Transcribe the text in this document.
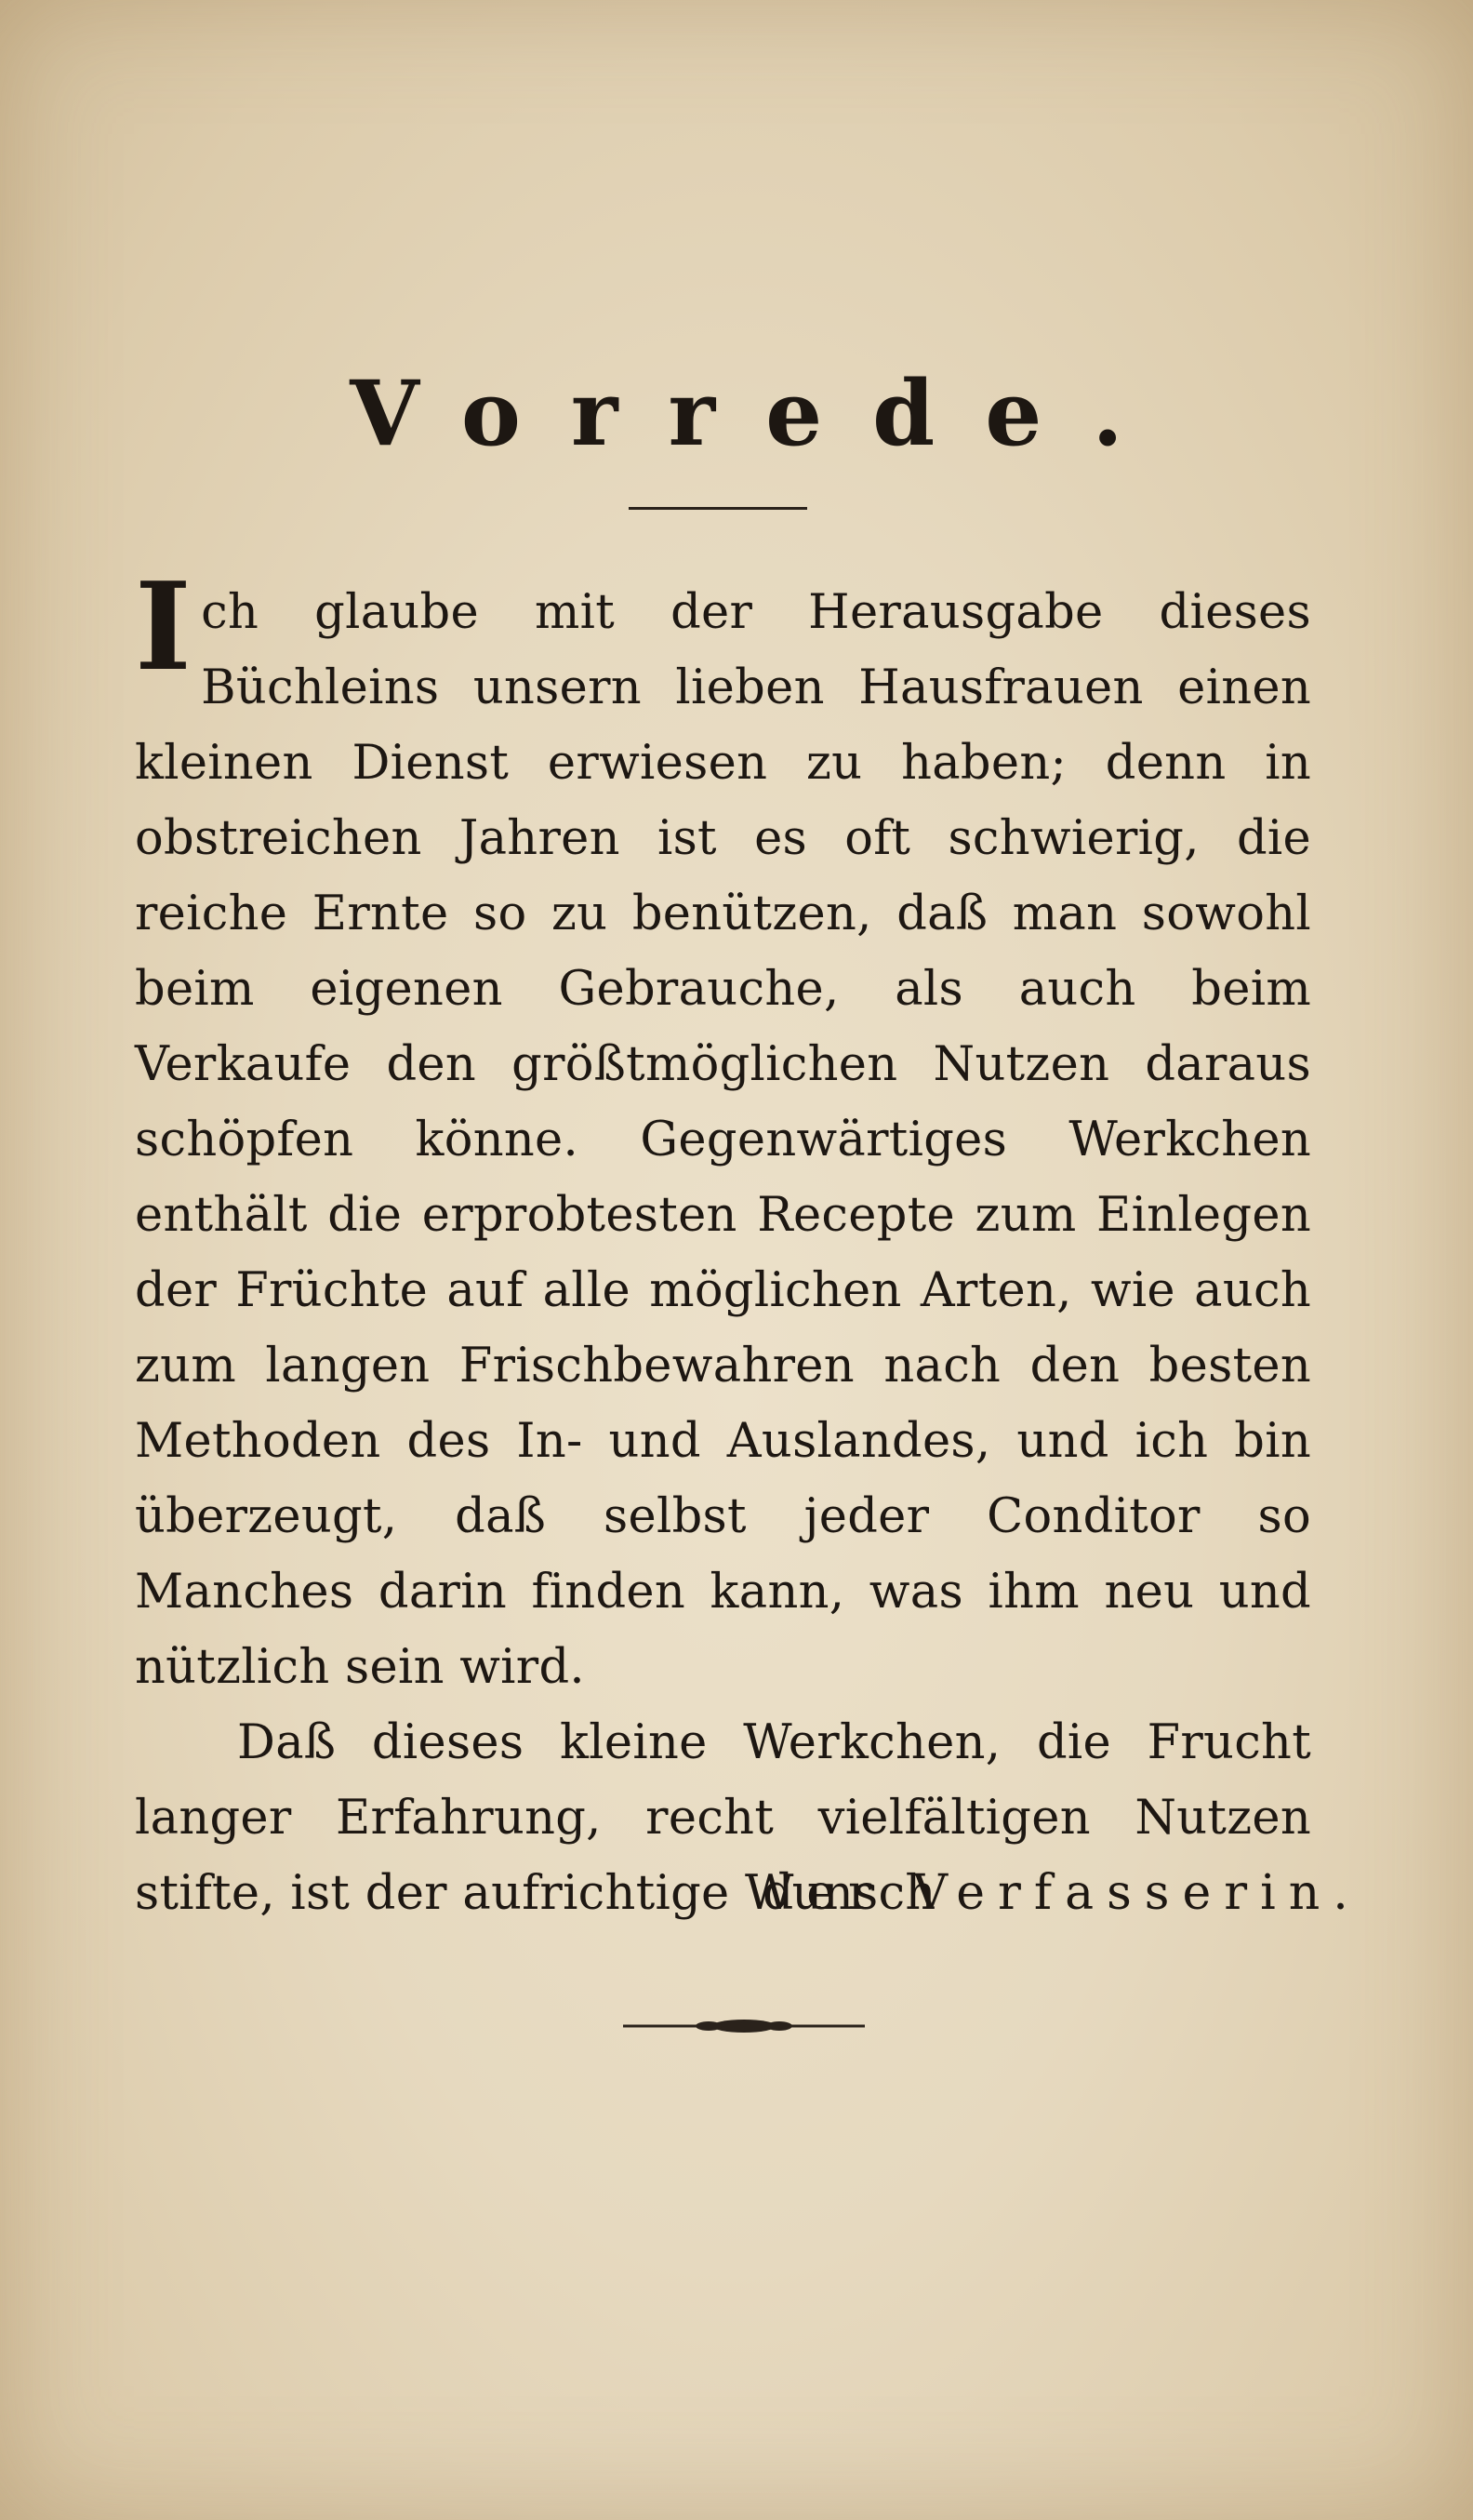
Vorrede.

Ich glaube mit der Herausgabe dieses Büchleins unsern lieben Hausfrauen einen kleinen Dienst erwiesen zu haben; denn in obstreichen Jahren ist es oft schwierig, die reiche Ernte so zu benützen, daß man sowohl beim eigenen Gebrauche, als auch beim Verkaufe den größtmöglichen Nutzen daraus schöpfen könne. Gegenwärtiges Werkchen enthält die erprobtesten Recepte zum Einlegen der Früchte auf alle möglichen Arten, wie auch zum langen Frischbewahren nach den besten Methoden des In- und Auslandes, und ich bin überzeugt, daß selbst jeder Conditor so Manches darin finden kann, was ihm neu und nützlich sein wird.

Daß dieses kleine Werkchen, die Frucht langer Erfahrung, recht vielfältigen Nutzen stifte, ist der aufrichtige Wunsch

der Verfasserin.
